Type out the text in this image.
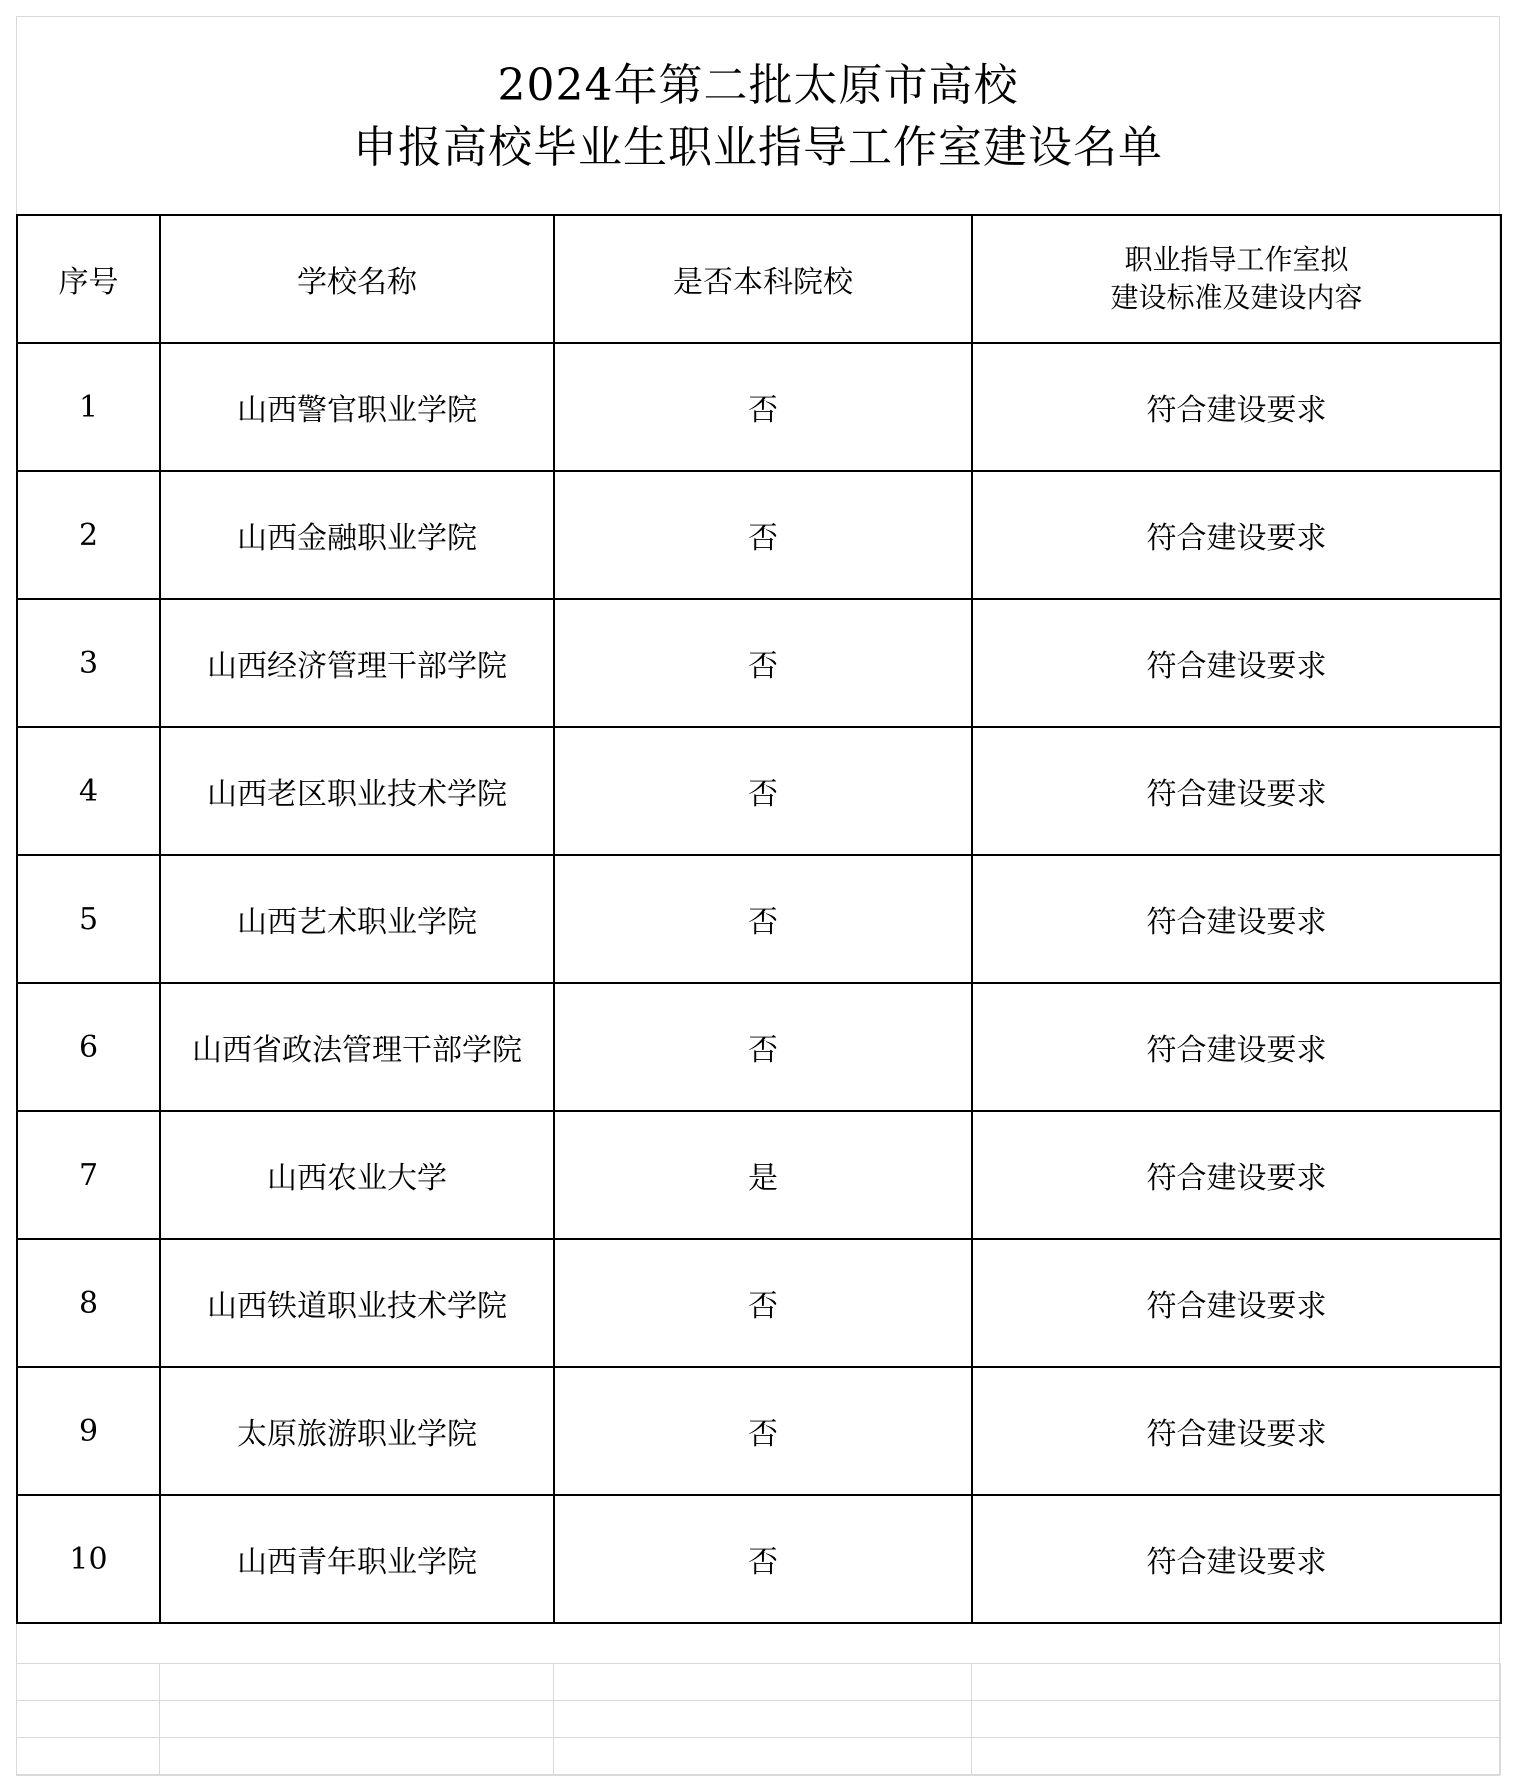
2024年第二批太原市高校
申报高校毕业生职业指导工作室建设名单
序号	学校名称	是否本科院校	职业指导工作室拟
建设标准及建设内容

1	山西警官职业学院	否	符合建设要求
2	山西金融职业学院	否	符合建设要求
3	山西经济管理干部学院	否	符合建设要求
4	山西老区职业技术学院	否	符合建设要求
5	山西艺术职业学院	否	符合建设要求
6	山西省政法管理干部学院	否	符合建设要求
7	山西农业大学	是	符合建设要求
8	山西铁道职业技术学院	否	符合建设要求
9	太原旅游职业学院	否	符合建设要求
10	山西青年职业学院	否	符合建设要求
